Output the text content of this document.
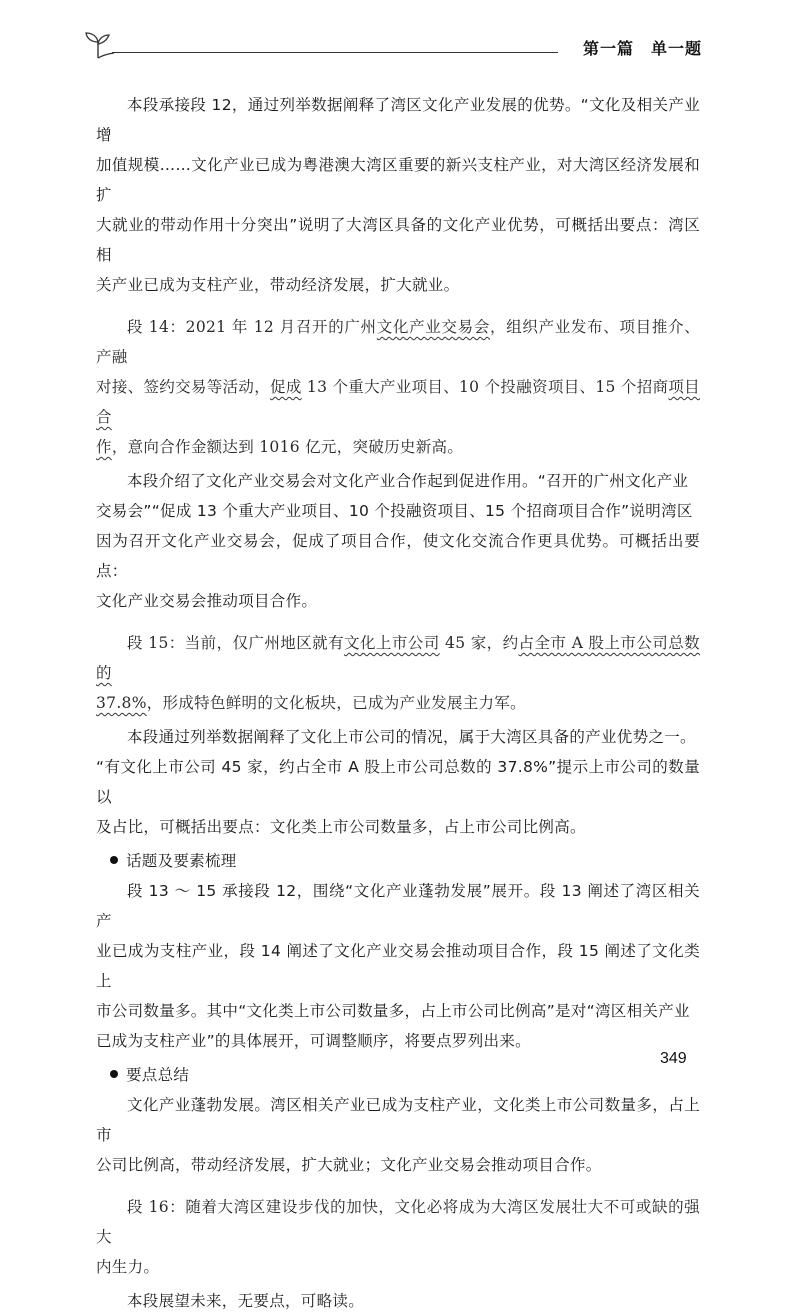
第一篇　单一题

本段承接段 12，通过列举数据阐释了湾区文化产业发展的优势。“文化及相关产业增

加值规模……文化产业已成为粤港澳大湾区重要的新兴支柱产业，对大湾区经济发展和扩

大就业的带动作用十分突出”说明了大湾区具备的文化产业优势，可概括出要点：湾区相

关产业已成为支柱产业，带动经济发展，扩大就业。

段 14：2021 年 12 月召开的广州文化产业交易会，组织产业发布、项目推介、产融

对接、签约交易等活动，促成 13 个重大产业项目、10 个投融资项目、15 个招商项目合

作，意向合作金额达到 1016 亿元，突破历史新高。

本段介绍了文化产业交易会对文化产业合作起到促进作用。“召开的广州文化产业

交易会”“促成 13 个重大产业项目、10 个投融资项目、15 个招商项目合作”说明湾区

因为召开文化产业交易会，促成了项目合作，使文化交流合作更具优势。可概括出要点：

文化产业交易会推动项目合作。

段 15：当前，仅广州地区就有文化上市公司 45 家，约占全市 A 股上市公司总数的

37.8%，形成特色鲜明的文化板块，已成为产业发展主力军。

本段通过列举数据阐释了文化上市公司的情况，属于大湾区具备的产业优势之一。

“有文化上市公司 45 家，约占全市 A 股上市公司总数的 37.8%”提示上市公司的数量以

及占比，可概括出要点：文化类上市公司数量多，占上市公司比例高。

话题及要素梳理

段 13 ～ 15 承接段 12，围绕“文化产业蓬勃发展”展开。段 13 阐述了湾区相关产

业已成为支柱产业，段 14 阐述了文化产业交易会推动项目合作，段 15 阐述了文化类上

市公司数量多。其中“文化类上市公司数量多，占上市公司比例高”是对“湾区相关产业

已成为支柱产业”的具体展开，可调整顺序，将要点罗列出来。

要点总结

文化产业蓬勃发展。湾区相关产业已成为支柱产业，文化类上市公司数量多，占上市

公司比例高，带动经济发展，扩大就业；文化产业交易会推动项目合作。

段 16：随着大湾区建设步伐的加快，文化必将成为大湾区发展壮大不可或缺的强大

内生力。

本段展望未来，无要点，可略读。

349
